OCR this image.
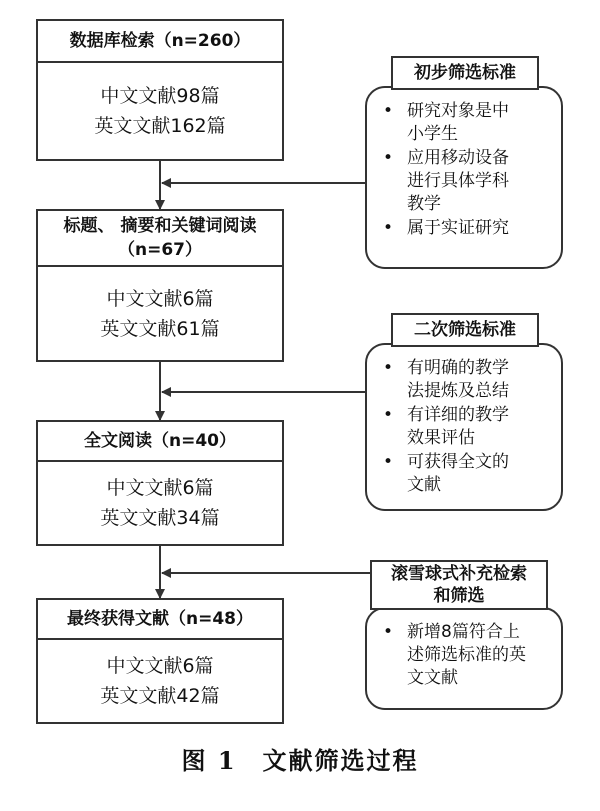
数据库检索（n=260）
中文文献98篇
英文文献162篇
标题、 摘要和关键词阅读
（n=67）
中文文献6篇
英文文献61篇
全文阅读（n=40）
中文文献6篇
英文文献34篇
最终获得文献（n=48）
中文文献6篇
英文文献42篇
初步筛选标准
• 研究对象是中
小学生
• 应用移动设备
进行具体学科
教学
• 属于实证研究
二次筛选标准
• 有明确的教学
法提炼及总结
• 有详细的教学
效果评估
• 可获得全文的
文献
滚雪球式补充检索
和筛选
• 新增8篇符合上
述筛选标准的英
文文献
图 1　文献筛选过程
